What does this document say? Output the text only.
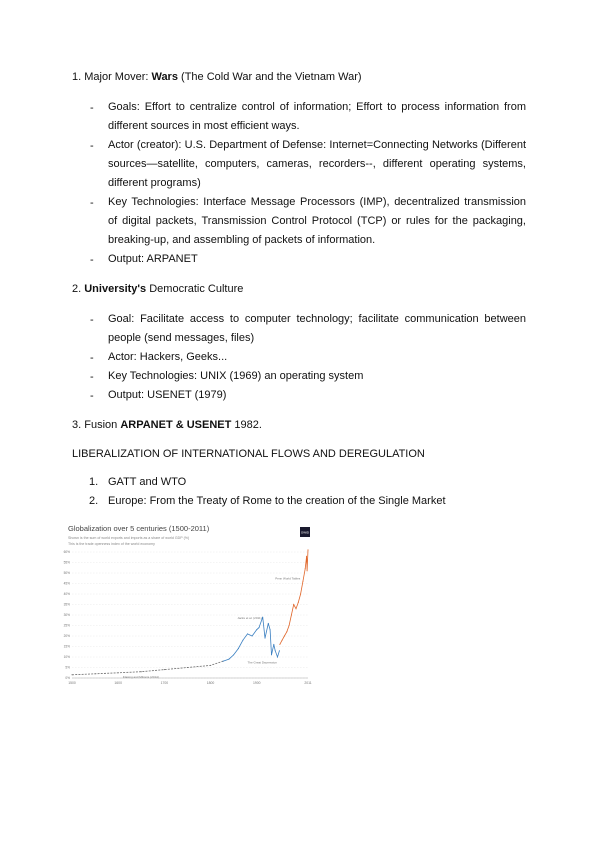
1. Major Mover: Wars (The Cold War and the Vietnam War)
- Goals: Effort to centralize control of information; Effort to process information from different sources in most efficient ways.
- Actor (creator): U.S. Department of Defense: Internet=Connecting Networks (Different sources—satellite, computers, cameras, recorders--, different operating systems, different programs)
- Key Technologies: Interface Message Processors (IMP), decentralized transmission of digital packets, Transmission Control Protocol (TCP) or rules for the packaging, breaking-up, and assembling of packets of information.
- Output: ARPANET
2. University's Democratic Culture
- Goal: Facilitate access to computer technology; facilitate communication between people (send messages, files)
- Actor: Hackers, Geeks...
- Key Technologies: UNIX (1969) an operating system
- Output: USENET (1979)
3. Fusion ARPANET & USENET 1982.
LIBERALIZATION OF INTERNATIONAL FLOWS AND DEREGULATION
1. GATT and WTO
2. Europe: From the Treaty of Rome to the creation of the Single Market
Globalization over 5 centuries (1500-2011)
Shown is the sum of world exports and imports as a share of world GDP (%)
This is the trade openness index of the world economy
OWID
0%
5%
10%
15%
20%
25%
30%
35%
40%
45%
50%
55%
60%
1500	1600	1700	1800	1900	2011
Klasing and Milionis (2014)
Jacks et al. (2011)
Penn World Tables
The Great Depression
